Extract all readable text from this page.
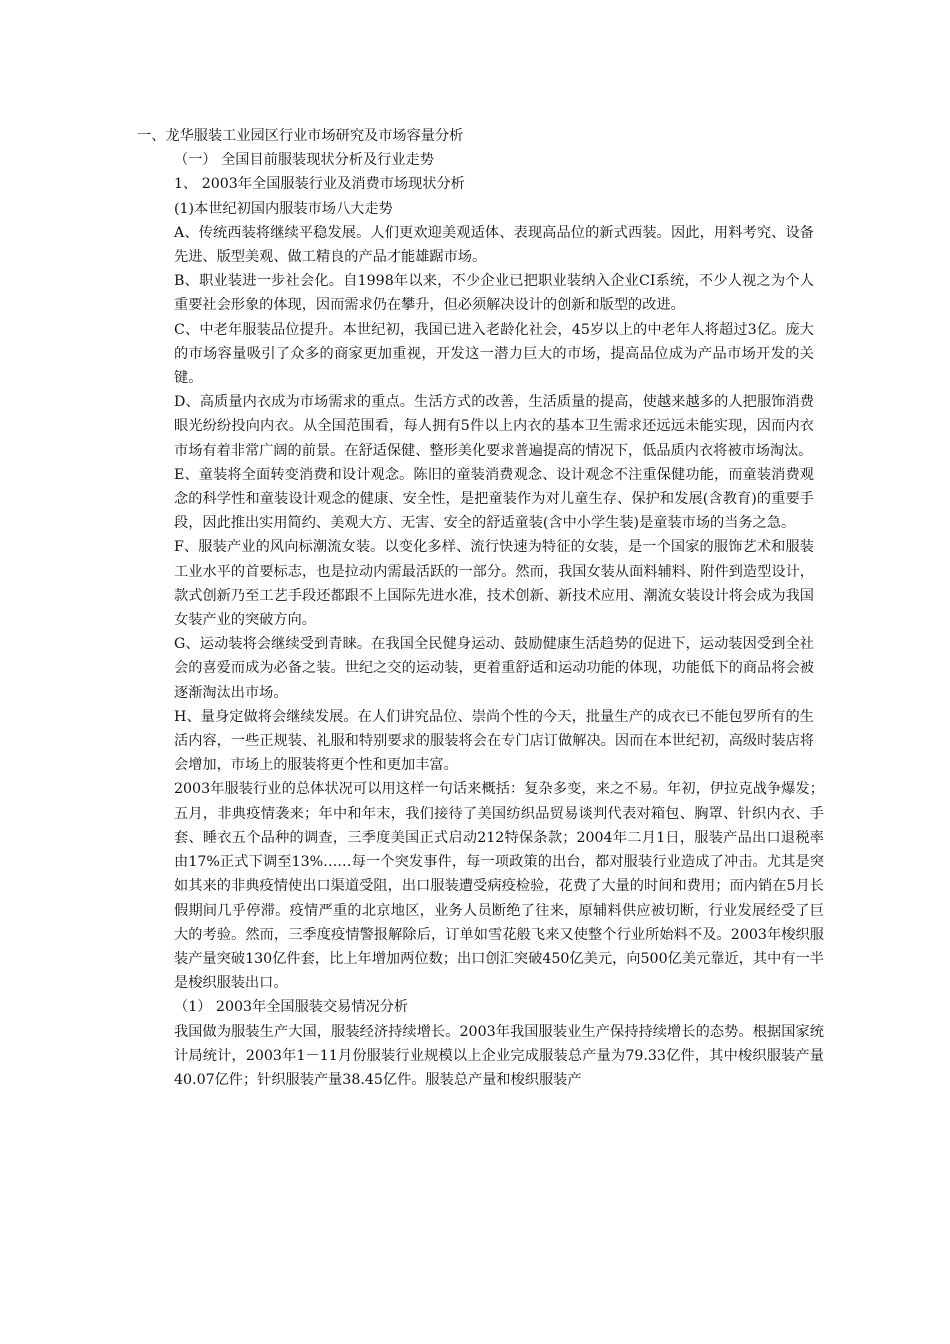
一、龙华服装工业园区行业市场研究及市场容量分析
（一） 全国目前服装现状分析及行业走势
1、 2003年全国服装行业及消费市场现状分析
(1)本世纪初国内服装市场八大走势
A、传统西装将继续平稳发展。人们更欢迎美观适体、表现高品位的新式西装。因此，用料考究、设备先进、版型美观、做工精良的产品才能雄踞市场。
B、职业装进一步社会化。自1998年以来，不少企业已把职业装纳入企业CI系统，不少人视之为个人重要社会形象的体现，因而需求仍在攀升，但必须解决设计的创新和版型的改进。
C、中老年服装品位提升。本世纪初，我国已进入老龄化社会，45岁以上的中老年人将超过3亿。庞大的市场容量吸引了众多的商家更加重视，开发这一潜力巨大的市场，提高品位成为产品市场开发的关键。
D、高质量内衣成为市场需求的重点。生活方式的改善，生活质量的提高，使越来越多的人把服饰消费眼光纷纷投向内衣。从全国范围看，每人拥有5件以上内衣的基本卫生需求还远远未能实现，因而内衣市场有着非常广阔的前景。在舒适保健、整形美化要求普遍提高的情况下，低品质内衣将被市场淘汰。
E、童装将全面转变消费和设计观念。陈旧的童装消费观念、设计观念不注重保健功能，而童装消费观念的科学性和童装设计观念的健康、安全性，是把童装作为对儿童生存、保护和发展(含教育)的重要手段，因此推出实用简约、美观大方、无害、安全的舒适童装(含中小学生装)是童装市场的当务之急。
F、服装产业的风向标潮流女装。以变化多样、流行快速为特征的女装，是一个国家的服饰艺术和服装工业水平的首要标志，也是拉动内需最活跃的一部分。然而，我国女装从面料辅料、附件到造型设计，款式创新乃至工艺手段还都跟不上国际先进水准，技术创新、新技术应用、潮流女装设计将会成为我国女装产业的突破方向。
G、运动装将会继续受到青睐。在我国全民健身运动、鼓励健康生活趋势的促进下，运动装因受到全社会的喜爱而成为必备之装。世纪之交的运动装，更着重舒适和运动功能的体现，功能低下的商品将会被逐渐淘汰出市场。
H、量身定做将会继续发展。在人们讲究品位、崇尚个性的今天，批量生产的成衣已不能包罗所有的生活内容，一些正规装、礼服和特别要求的服装将会在专门店订做解决。因而在本世纪初，高级时装店将会增加，市场上的服装将更个性和更加丰富。
2003年服装行业的总体状况可以用这样一句话来概括：复杂多变，来之不易。年初，伊拉克战争爆发；五月，非典疫情袭来；年中和年末，我们接待了美国纺织品贸易谈判代表对箱包、胸罩、针织内衣、手套、睡衣五个品种的调查，三季度美国正式启动212特保条款；2004年二月1日，服装产品出口退税率由17%正式下调至13%……每一个突发事件，每一项政策的出台，都对服装行业造成了冲击。尤其是突如其来的非典疫情使出口渠道受阻，出口服装遭受病疫检验，花费了大量的时间和费用；而内销在5月长假期间几乎停滞。疫情严重的北京地区，业务人员断绝了往来，原辅料供应被切断，行业发展经受了巨大的考验。然而，三季度疫情警报解除后，订单如雪花般飞来又使整个行业所始料不及。2003年梭织服装产量突破130亿件套，比上年增加两位数；出口创汇突破450亿美元，向500亿美元靠近，其中有一半是梭织服装出口。
（1） 2003年全国服装交易情况分析
我国做为服装生产大国，服装经济持续增长。2003年我国服装业生产保持持续增长的态势。根据国家统计局统计，2003年1－11月份服装行业规模以上企业完成服装总产量为79.33亿件，其中梭织服装产量40.07亿件；针织服装产量38.45亿件。服装总产量和梭织服装产
